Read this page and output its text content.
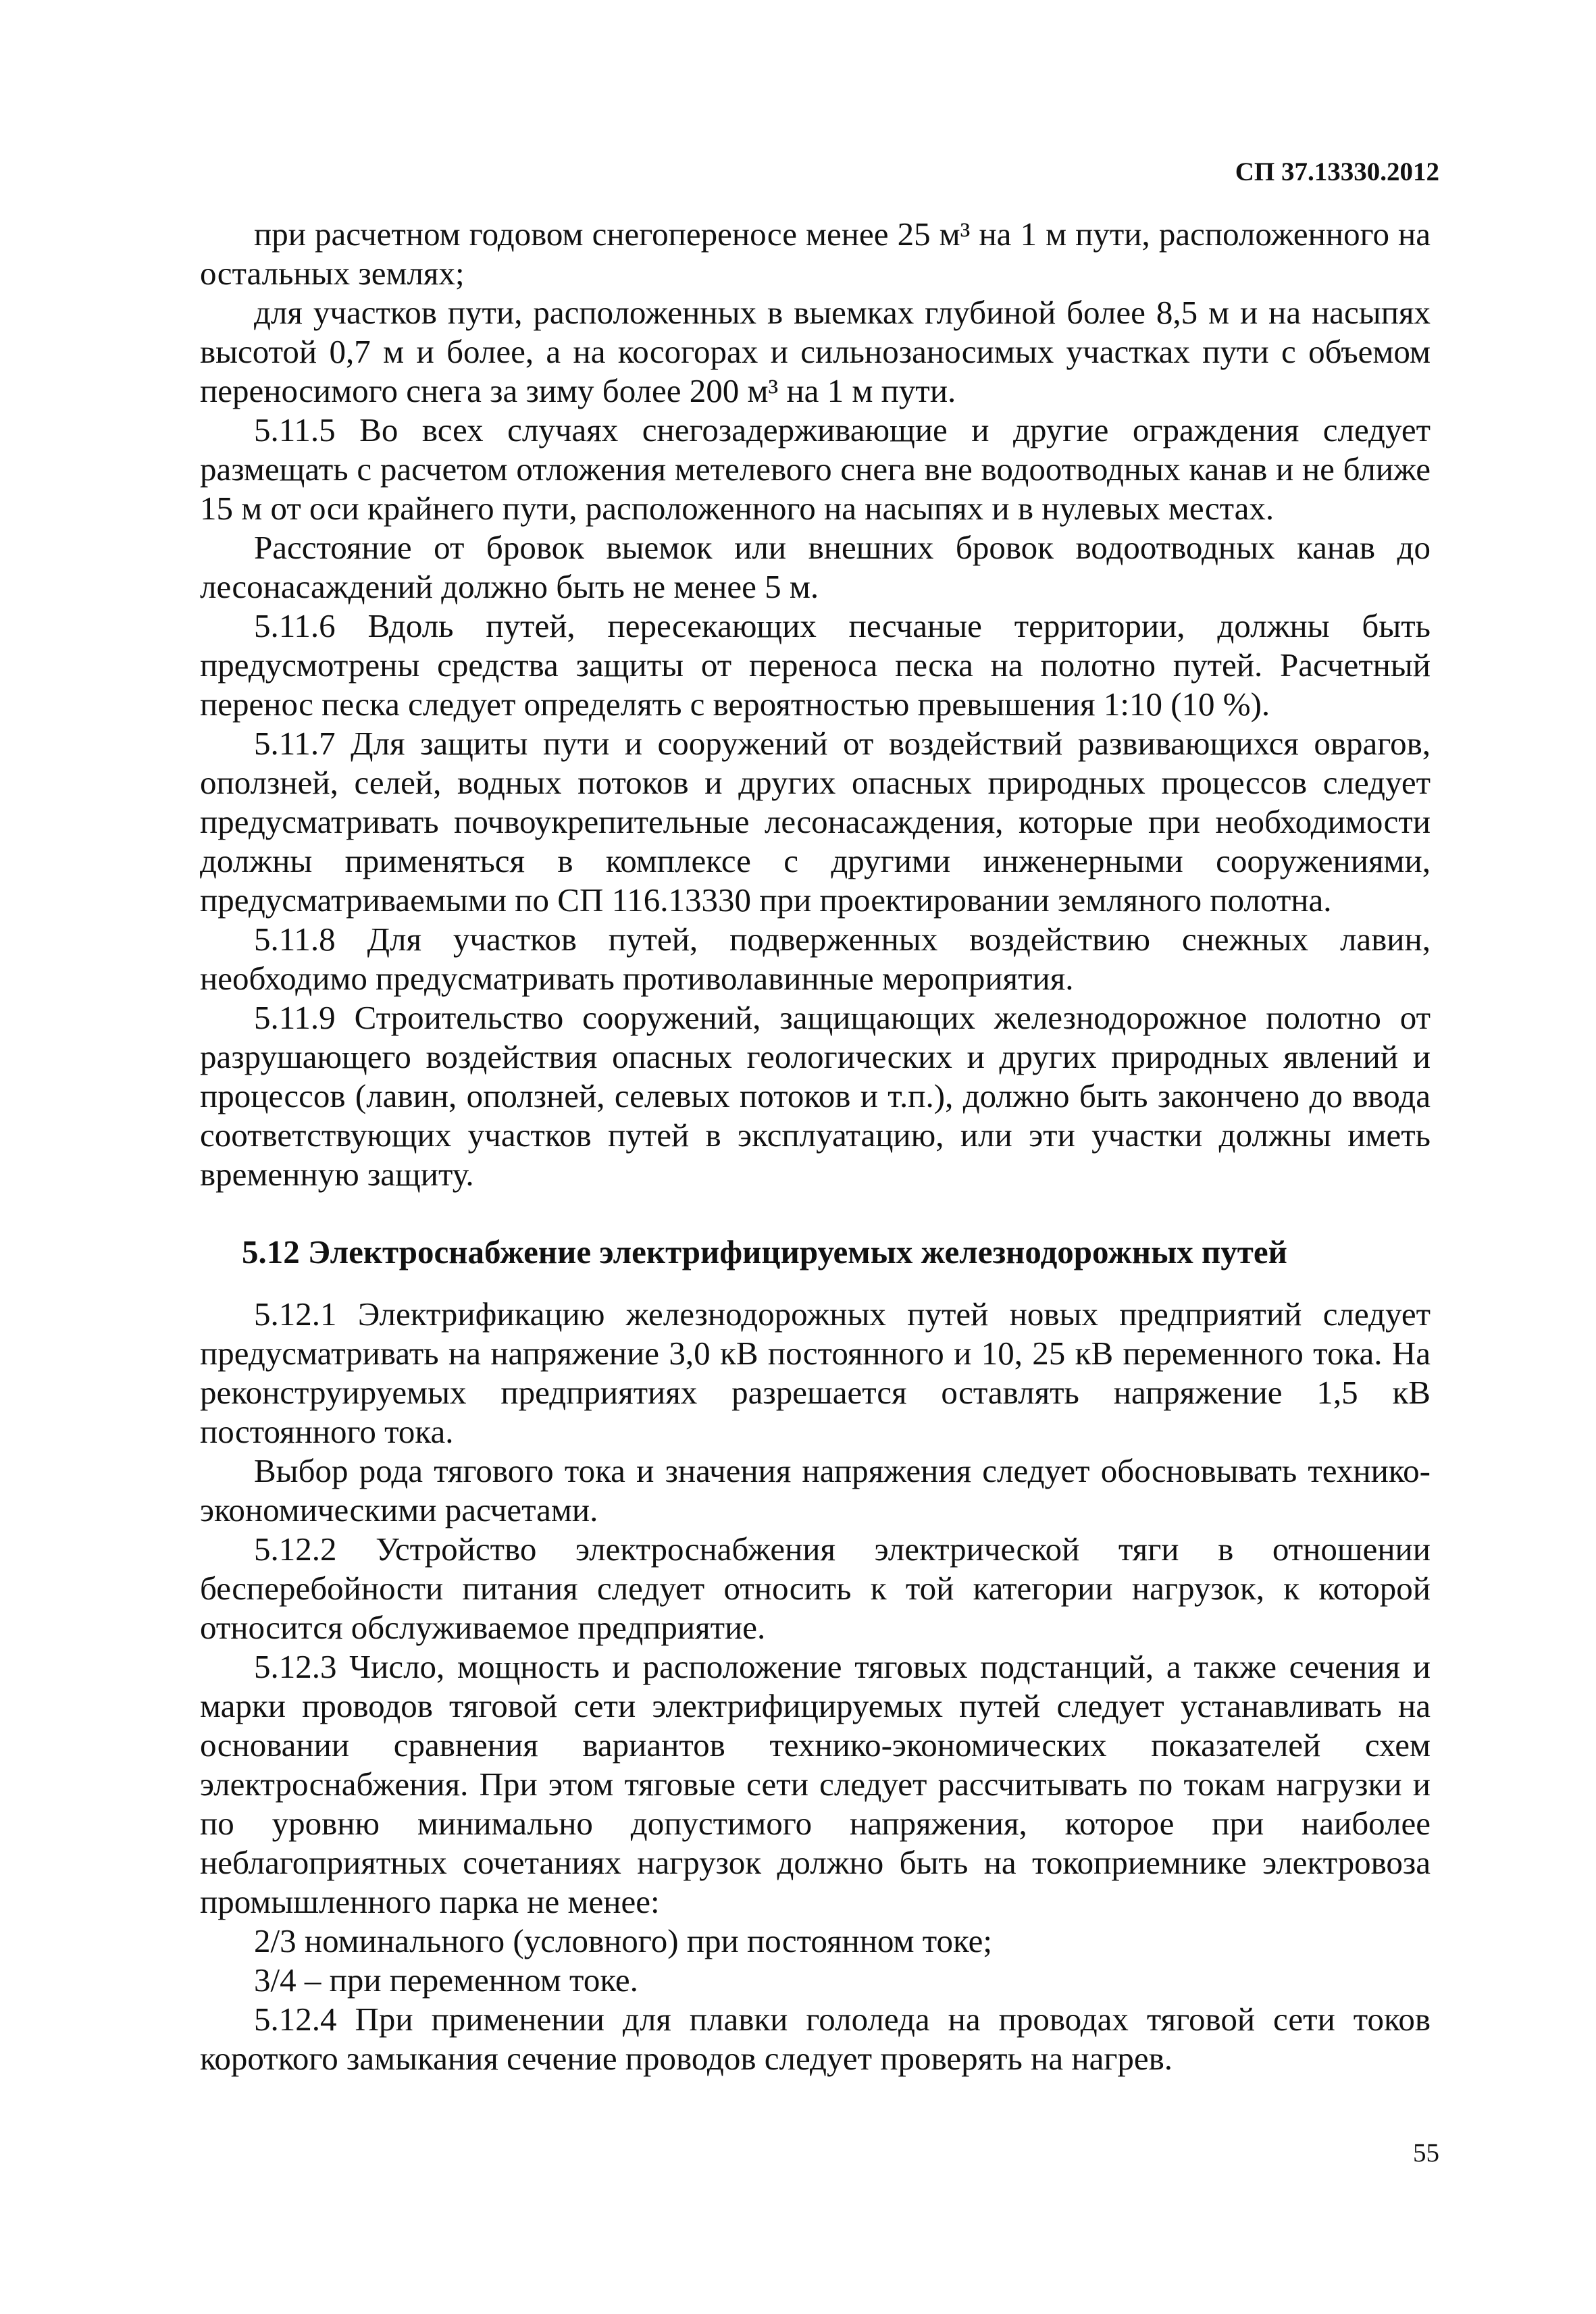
СП 37.13330.2012

при расчетном годовом снегопереносе менее 25 м³ на 1 м пути, расположенного на остальных землях;

для участков пути, расположенных в выемках глубиной более 8,5 м и на насыпях высотой 0,7 м и более, а на косогорах и сильнозаносимых участках пути с объемом переносимого снега за зиму более 200 м³ на 1 м пути.

5.11.5 Во всех случаях снегозадерживающие и другие ограждения следует размещать с расчетом отложения метелевого снега вне водоотводных канав и не ближе 15 м от оси крайнего пути, расположенного на насыпях и в нулевых местах.

Расстояние от бровок выемок или внешних бровок водоотводных канав до лесонасаждений должно быть не менее 5 м.

5.11.6 Вдоль путей, пересекающих песчаные территории, должны быть предусмотрены средства защиты от переноса песка на полотно путей. Расчетный перенос песка следует определять с вероятностью превышения 1:10 (10 %).

5.11.7 Для защиты пути и сооружений от воздействий развивающихся оврагов, оползней, селей, водных потоков и других опасных природных процессов следует предусматривать почвоукрепительные лесонасаждения, которые при необходимости должны применяться в комплексе с другими инженерными сооружениями, предусматриваемыми по СП 116.13330 при проектировании земляного полотна.

5.11.8 Для участков путей, подверженных воздействию снежных лавин, необходимо предусматривать противолавинные мероприятия.

5.11.9 Строительство сооружений, защищающих железнодорожное полотно от разрушающего воздействия опасных геологических и других природных явлений и процессов (лавин, оползней, селевых потоков и т.п.), должно быть закончено до ввода соответствующих участков путей в эксплуатацию, или эти участки должны иметь временную защиту.

5.12 Электроснабжение электрифицируемых железнодорожных путей

5.12.1 Электрификацию железнодорожных путей новых предприятий следует предусматривать на напряжение 3,0 кВ постоянного и 10, 25 кВ переменного тока. На реконструируемых предприятиях разрешается оставлять напряжение 1,5 кВ постоянного тока.

Выбор рода тягового тока и значения напряжения следует обосновывать технико-экономическими расчетами.

5.12.2 Устройство электроснабжения электрической тяги в отношении бесперебойности питания следует относить к той категории нагрузок, к которой относится обслуживаемое предприятие.

5.12.3 Число, мощность и расположение тяговых подстанций, а также сечения и марки проводов тяговой сети электрифицируемых путей следует устанавливать на основании сравнения вариантов технико-экономических показателей схем электроснабжения. При этом тяговые сети следует рассчитывать по токам нагрузки и по уровню минимально допустимого напряжения, которое при наиболее неблагоприятных сочетаниях нагрузок должно быть на токоприемнике электровоза промышленного парка не менее:

2/3 номинального (условного) при постоянном токе;

3/4 – при переменном токе.

5.12.4 При применении для плавки гололеда на проводах тяговой сети токов короткого замыкания сечение проводов следует проверять на нагрев.

55
